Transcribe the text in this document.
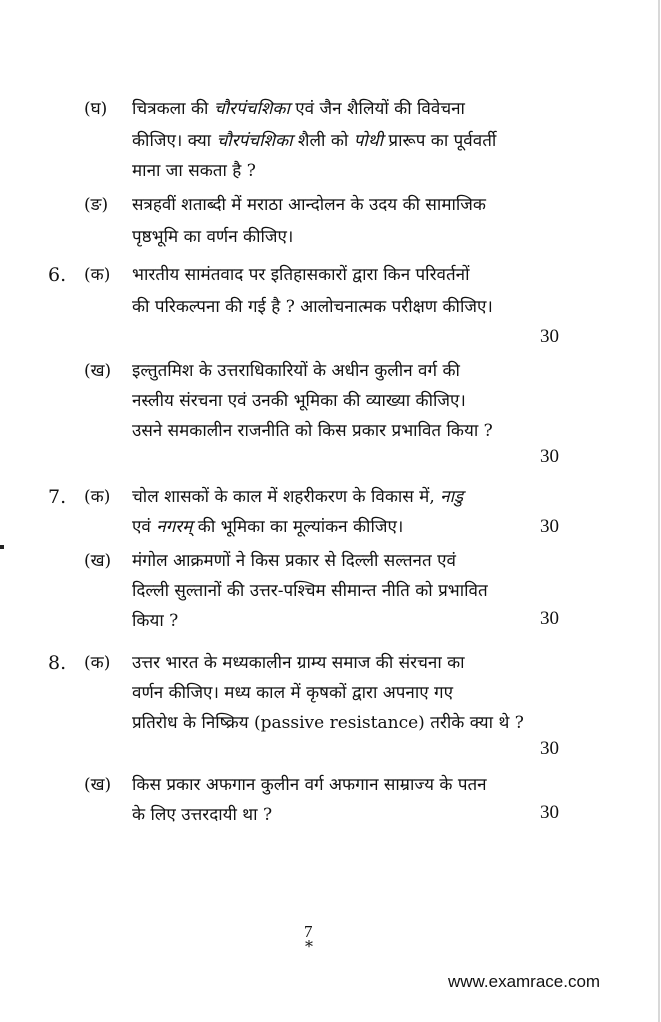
(घ) चित्रकला की चौरपंचशिका एवं जैन शैलियों की विवेचना
कीजिए। क्या चौरपंचशिका शैली को पोथी प्रारूप का पूर्ववर्ती
माना जा सकता है ?
(ङ) सत्रहवीं शताब्दी में मराठा आन्दोलन के उदय की सामाजिक
पृष्ठभूमि का वर्णन कीजिए।
6. (क) भारतीय सामंतवाद पर इतिहासकारों द्वारा किन परिवर्तनों
की परिकल्पना की गई है ? आलोचनात्मक परीक्षण कीजिए।
30
(ख) इल्तुतमिश के उत्तराधिकारियों के अधीन कुलीन वर्ग की
नस्लीय संरचना एवं उनकी भूमिका की व्याख्या कीजिए।
उसने समकालीन राजनीति को किस प्रकार प्रभावित किया ?
30
7. (क) चोल शासकों के काल में शहरीकरण के विकास में, नाडु
एवं नगरम् की भूमिका का मूल्यांकन कीजिए।	30
(ख) मंगोल आक्रमणों ने किस प्रकार से दिल्ली सल्तनत एवं
दिल्ली सुल्तानों की उत्तर-पश्चिम सीमान्त नीति को प्रभावित
किया ?	30
8. (क) उत्तर भारत के मध्यकालीन ग्राम्य समाज की संरचना का
वर्णन कीजिए। मध्य काल में कृषकों द्वारा अपनाए गए
प्रतिरोध के निष्क्रिय (passive resistance) तरीके क्या थे ?
30
(ख) किस प्रकार अफगान कुलीन वर्ग अफगान साम्राज्य के पतन
के लिए उत्तरदायी था ?	30
7
*
www.examrace.com
